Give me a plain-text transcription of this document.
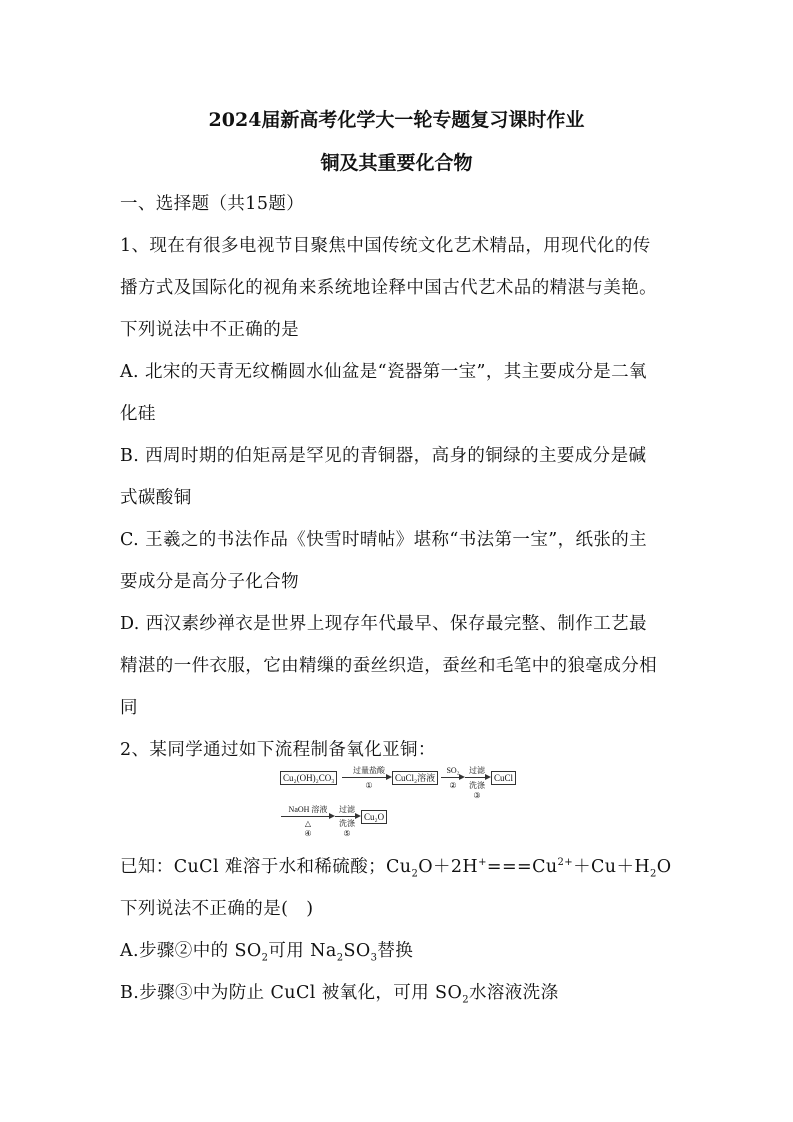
2024届新高考化学大一轮专题复习课时作业
铜及其重要化合物
一、选择题（共15题）
1、现在有很多电视节目聚焦中国传统文化艺术精品，用现代化的传
播方式及国际化的视角来系统地诠释中国古代艺术品的精湛与美艳。
下列说法中不正确的是
A. 北宋的天青无纹椭圆水仙盆是“瓷器第一宝”，其主要成分是二氧
化硅
B. 西周时期的伯矩鬲是罕见的青铜器，高身的铜绿的主要成分是碱
式碳酸铜
C. 王羲之的书法作品《快雪时晴帖》堪称“书法第一宝”，纸张的主
要成分是高分子化合物
D. 西汉素纱禅衣是世界上现存年代最早、保存最完整、制作工艺最
精湛的一件衣服，它由精缫的蚕丝织造，蚕丝和毛笔中的狼毫成分相
同
2、某同学通过如下流程制备氧化亚铜：
Cu₂(OH)₂CO₃
过量盐酸
①
CuCl₂溶液
SO₂
②
过滤
洗涤
③
CuCl
NaOH 溶液
△
④
过滤
洗涤
⑤
Cu₂O
已知：CuCl 难溶于水和稀硫酸；$Cu_2O+2H^+===Cu^{2+}+Cu+H_2O$
下列说法不正确的是(　)
A.步骤②中的 $SO_2$可用 $Na_2SO_3$替换
B.步骤③中为防止 CuCl 被氧化，可用 $SO_2$水溶液洗涤
